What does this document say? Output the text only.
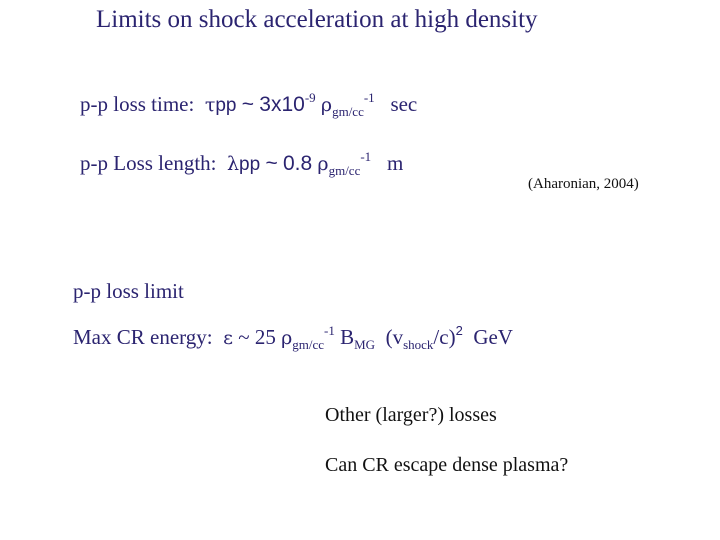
Limits on shock acceleration at high density
p-p loss time: τpp ~ $3x10^{-9}$ $\rho_{gm/cc}^{-1}$ sec
p-p Loss length: λpp ~ 0.8 $\rho_{gm/cc}^{-1}$ m
(Aharonian, 2004)
p-p loss limit
Max CR energy: ε ~ 25 $\rho_{gm/cc}^{-1}$ $B_{MG}$ $(v_{shock}/c)^2$ GeV
Other (larger?) losses
Can CR escape dense plasma?
